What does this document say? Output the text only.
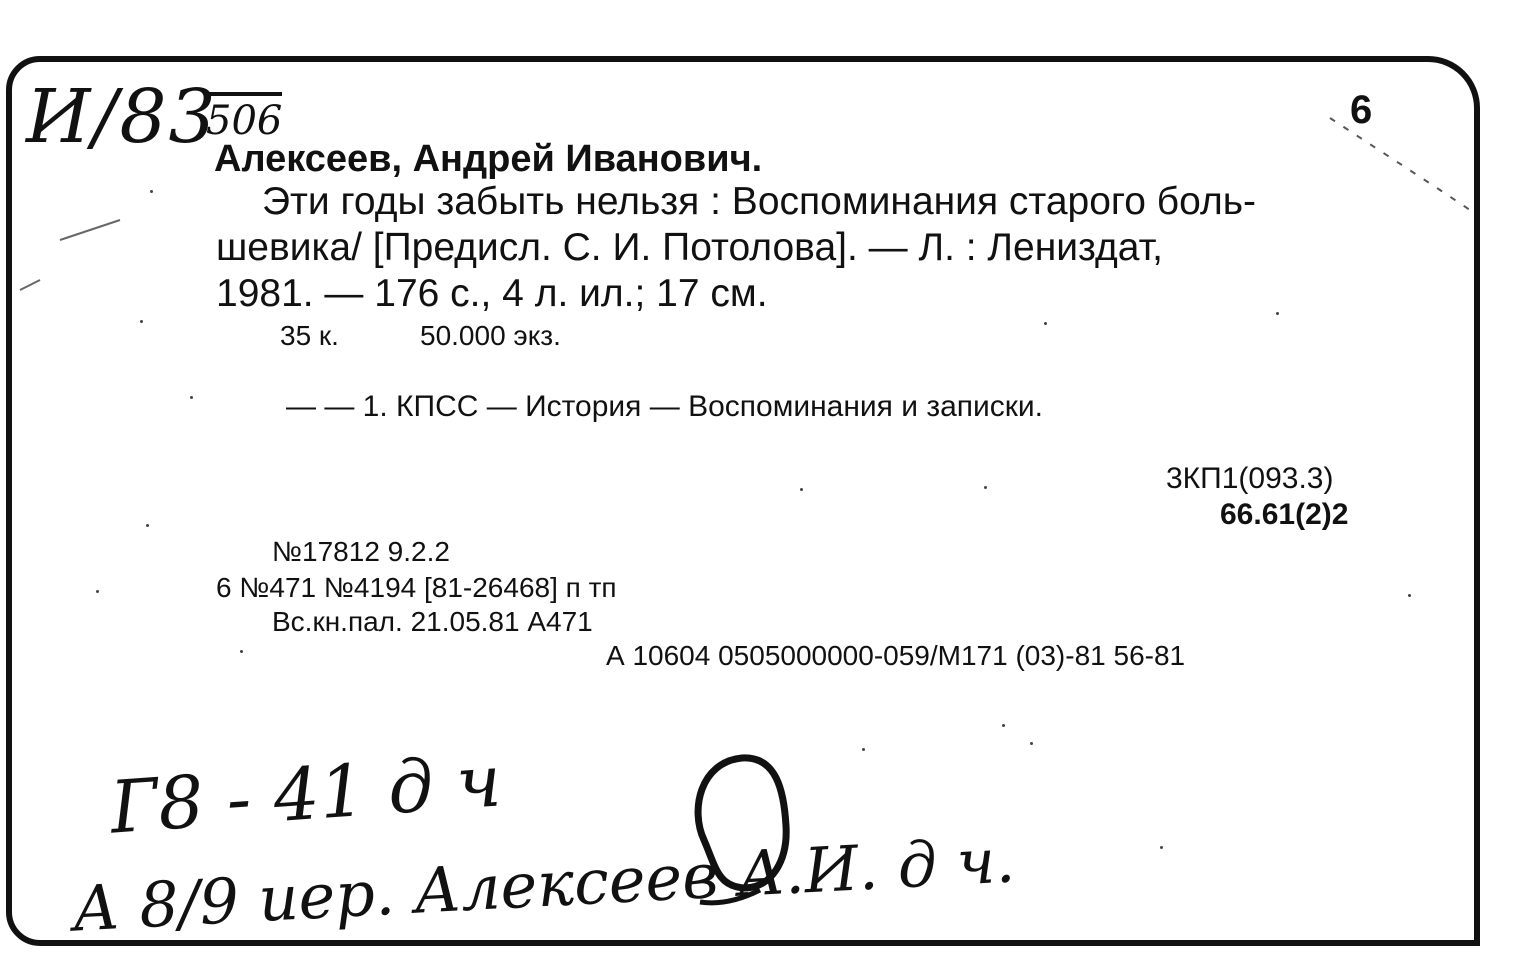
И/83
506	6
Алексеев, Андрей Иванович.
Эти годы забыть нельзя : Воспоминания старого боль-
шевика/ [Предисл. С. И. Потолова]. — Л. : Лениздат,
1981. — 176 с., 4 л. ил.; 17 см.
35 к.	50.000 экз.
— — 1. КПСС — История — Воспоминания и записки.
3КП1(093.3)
66.61(2)2
№17812 9.2.2
6 №471 №4194 [81-26468] п тп
Вс.кн.пал. 21.05.81 А471
А 10604 0505000000-059/М171 (03)-81 56-81
Г8 - 41 д ч
А 8/9 иер. Алексеев А.И. д ч.
